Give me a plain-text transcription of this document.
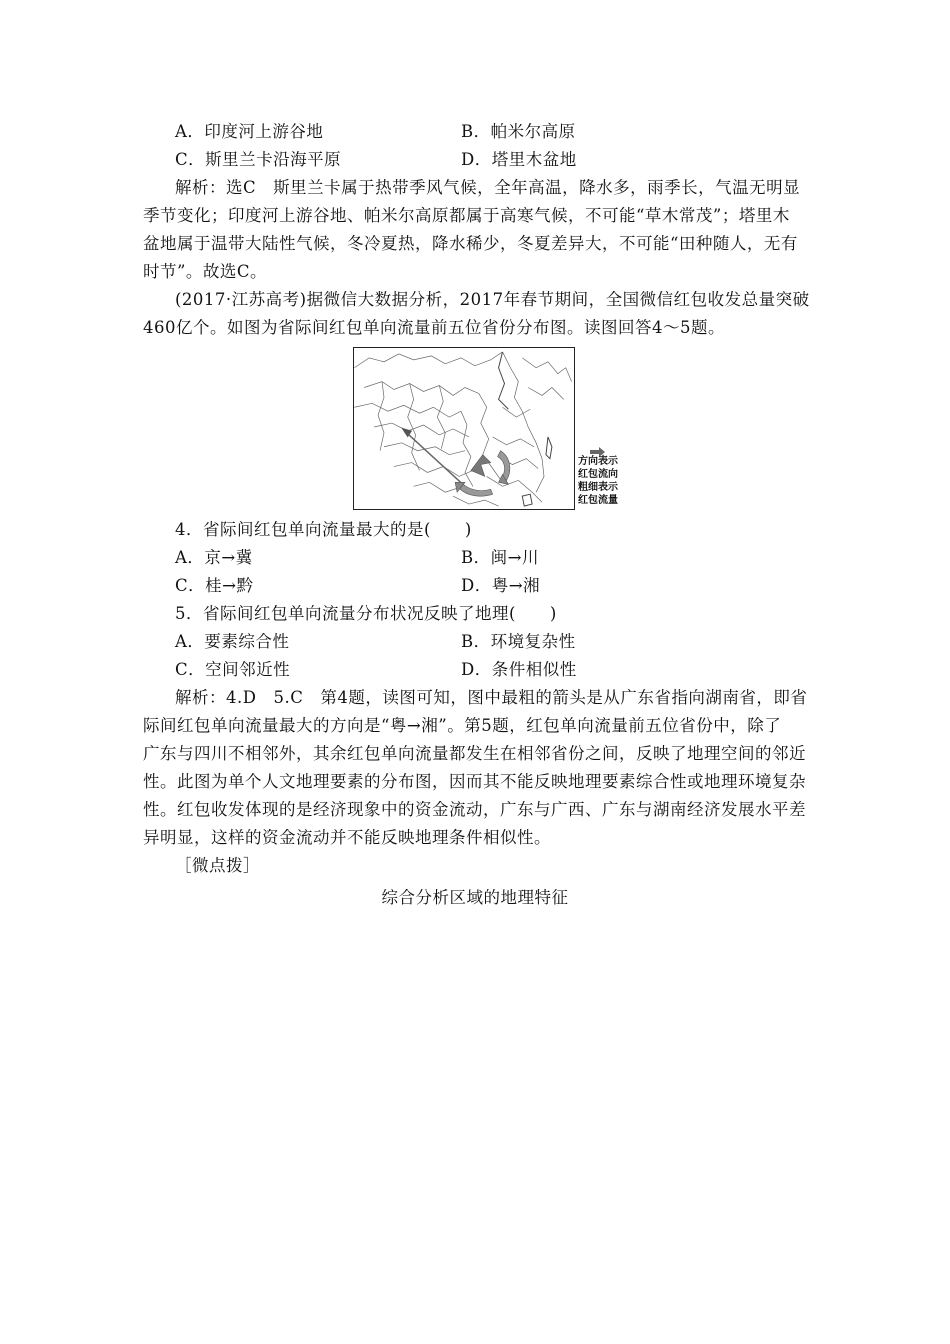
A．印度河上游谷地	B．帕米尔高原
C．斯里兰卡沿海平原	D．塔里木盆地
解析：选C　斯里兰卡属于热带季风气候，全年高温，降水多，雨季长，气温无明显
季节变化；印度河上游谷地、帕米尔高原都属于高寒气候，不可能“草木常茂”；塔里木
盆地属于温带大陆性气候，冬冷夏热，降水稀少，冬夏差异大，不可能“田种随人，无有
时节”。故选C。
(2017·江苏高考)据微信大数据分析，2017年春节期间，全国微信红包收发总量突破
460亿个。如图为省际间红包单向流量前五位省份分布图。读图回答4～5题。
方向表示
红包流向
粗细表示
红包流量
4．省际间红包单向流量最大的是(　　)
A．京→冀	B．闽→川
C．桂→黔	D．粤→湘
5．省际间红包单向流量分布状况反映了地理(　　)
A．要素综合性	B．环境复杂性
C．空间邻近性	D．条件相似性
解析：4.D　5.C　第4题，读图可知，图中最粗的箭头是从广东省指向湖南省，即省
际间红包单向流量最大的方向是“粤→湘”。第5题，红包单向流量前五位省份中，除了
广东与四川不相邻外，其余红包单向流量都发生在相邻省份之间，反映了地理空间的邻近
性。此图为单个人文地理要素的分布图，因而其不能反映地理要素综合性或地理环境复杂
性。红包收发体现的是经济现象中的资金流动，广东与广西、广东与湖南经济发展水平差
异明显，这样的资金流动并不能反映地理条件相似性。
［微点拨］
综合分析区域的地理特征
